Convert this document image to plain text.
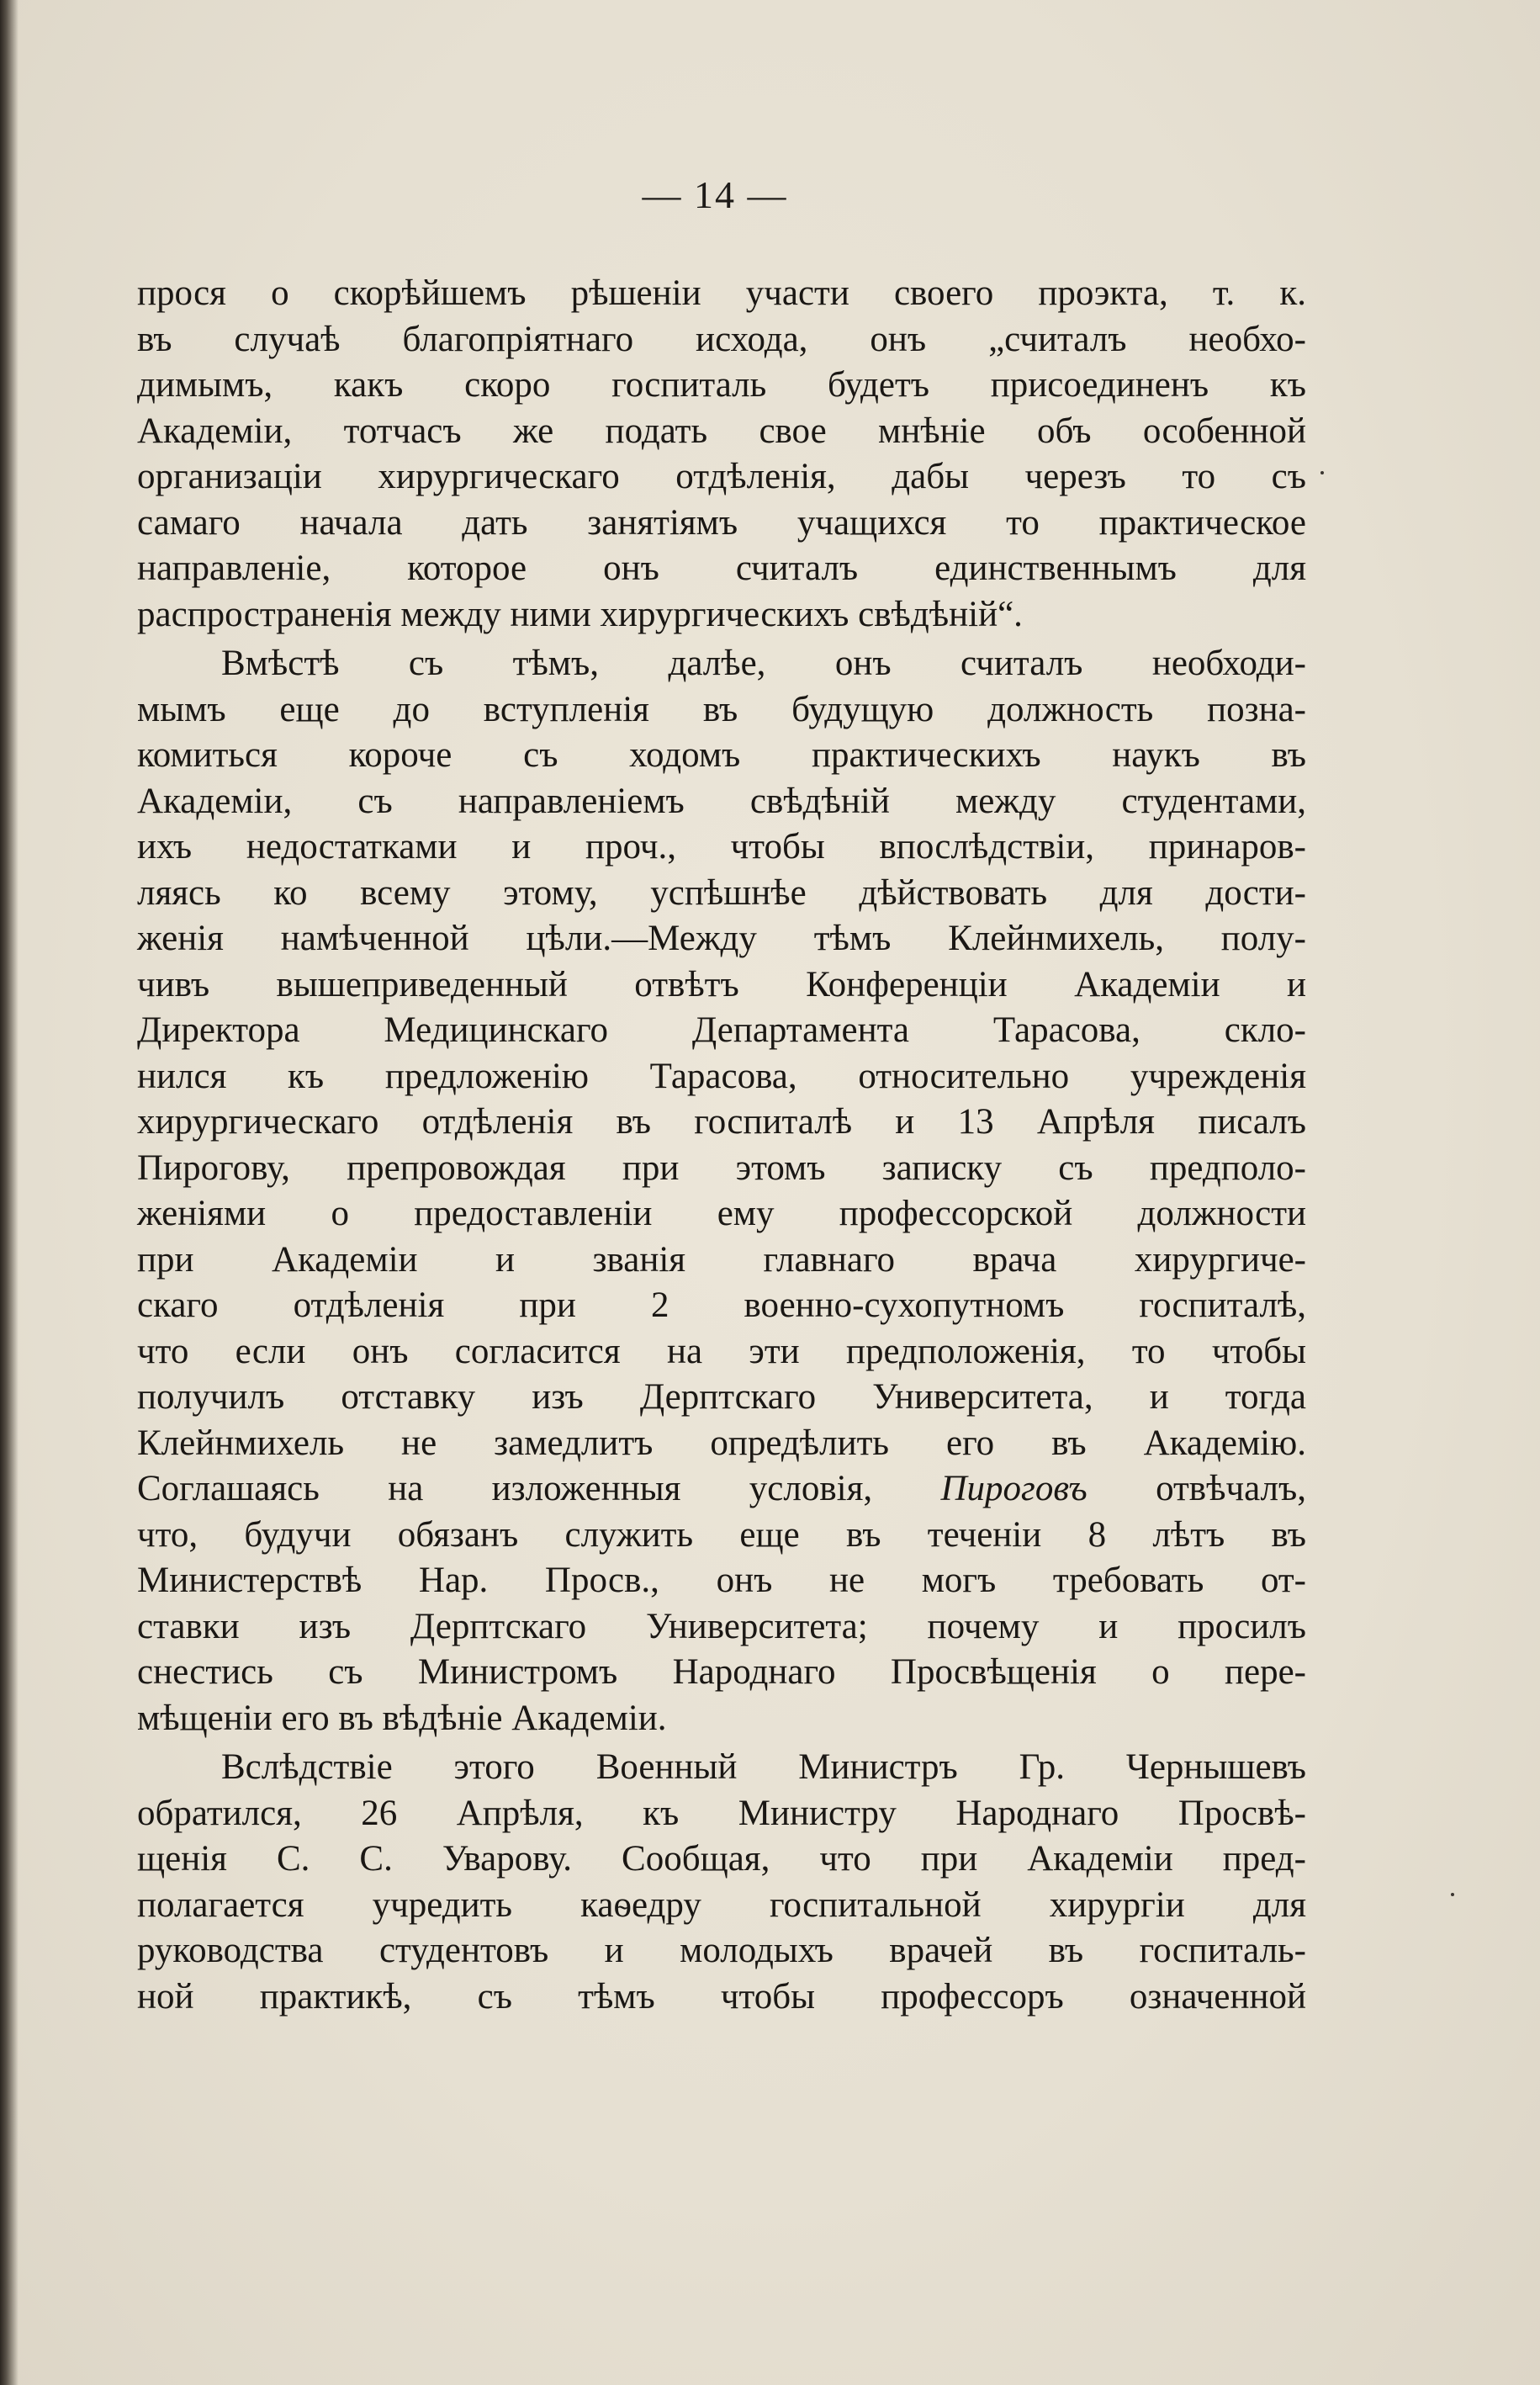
— 14 —
прося о скорѣйшемъ рѣшеніи участи своего проэкта, т. к.
въ случаѣ благопріятнаго исхода, онъ „считалъ необхо-
димымъ, какъ скоро госпиталь будетъ присоединенъ къ
Академіи, тотчасъ же подать свое мнѣніе объ особенной
организаціи хирургическаго отдѣленія, дабы черезъ то съ
самаго начала дать занятіямъ учащихся то практическое
направленіе, которое онъ считалъ единственнымъ для
распространенія между ними хирургическихъ свѣдѣній“.
Вмѣстѣ съ тѣмъ, далѣе, онъ считалъ необходи-
мымъ еще до вступленія въ будущую должность позна-
комиться короче съ ходомъ практическихъ наукъ въ
Академіи, съ направленіемъ свѣдѣній между студентами,
ихъ недостатками и проч., чтобы впослѣдствіи, принаров-
ляясь ко всему этому, успѣшнѣе дѣйствовать для дости-
женія намѣченной цѣли.—Между тѣмъ Клейнмихель, полу-
чивъ вышеприведенный отвѣтъ Конференціи Академіи и
Директора Медицинскаго Департамента Тарасова, скло-
нился къ предложенію Тарасова, относительно учрежденія
хирургическаго отдѣленія въ госпиталѣ и 13 Апрѣля писалъ
Пирогову, препровождая при этомъ записку съ предполо-
женіями о предоставленіи ему профессорской должности
при Академіи и званія главнаго врача хирургиче-
скаго отдѣленія при 2 военно-сухопутномъ госпиталѣ,
что если онъ согласится на эти предположенія, то чтобы
получилъ отставку изъ Дерптскаго Университета, и тогда
Клейнмихель не замедлитъ опредѣлить его въ Академію.
Соглашаясь на изложенныя условія, Пироговъ отвѣчалъ,
что, будучи обязанъ служить еще въ теченіи 8 лѣтъ въ
Министерствѣ Нар. Просв., онъ не могъ требовать от-
ставки изъ Дерптскаго Университета; почему и просилъ
снестись съ Министромъ Народнаго Просвѣщенія о пере-
мѣщеніи его въ вѣдѣніе Академіи.
Вслѣдствіе этого Военный Министръ Гр. Чернышевъ
обратился, 26 Апрѣля, къ Министру Народнаго Просвѣ-
щенія С. С. Уварову. Сообщая, что при Академіи пред-
полагается учредить каѳедру госпитальной хирургіи для
руководства студентовъ и молодыхъ врачей въ госпиталь-
ной практикѣ, съ тѣмъ чтобы профессоръ означенной
